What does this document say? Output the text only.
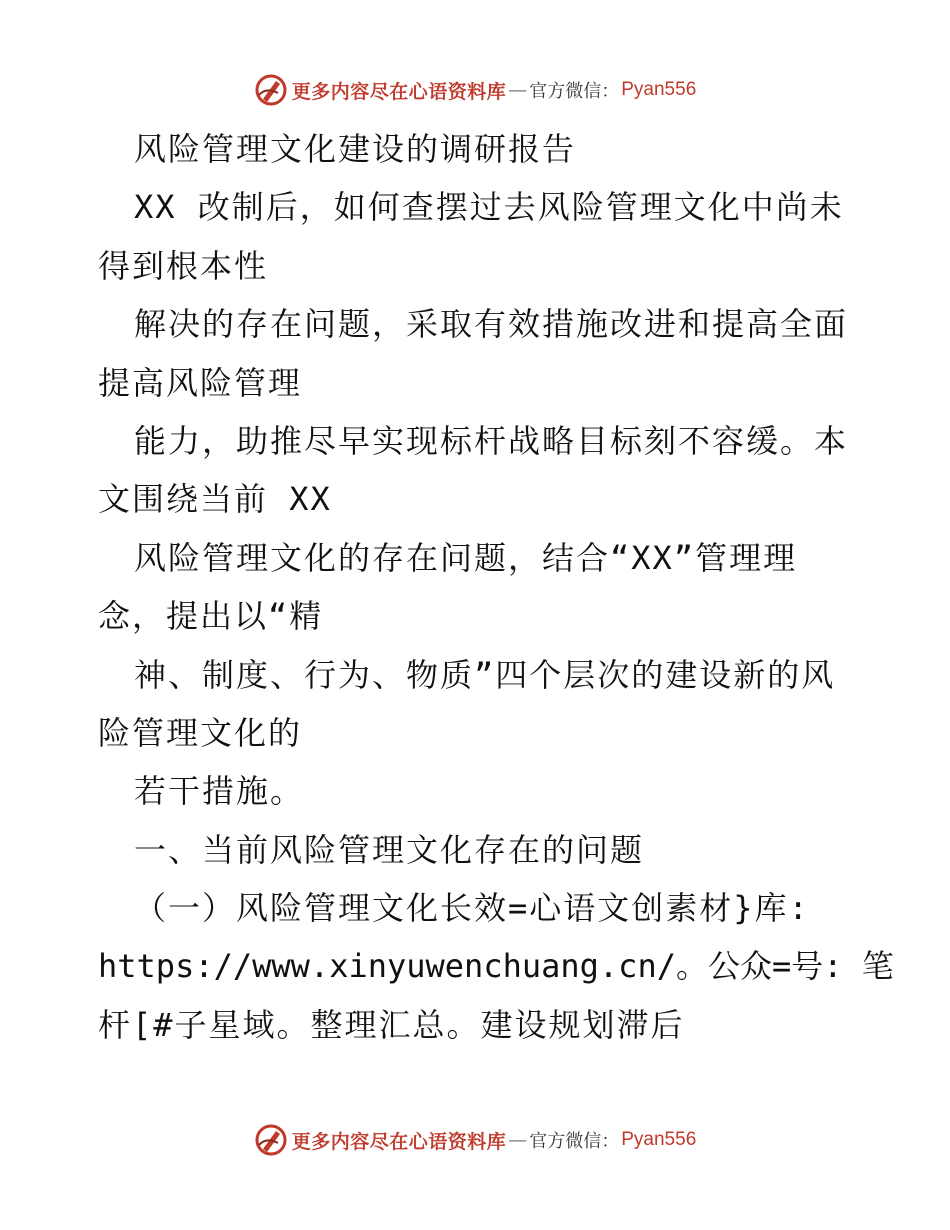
更多内容尽在心语资料库 — 官方微信： Pyan556
风险管理文化建设的调研报告
XX 改制后，如何查摆过去风险管理文化中尚未
得到根本性
解决的存在问题，采取有效措施改进和提高全面
提高风险管理
能力，助推尽早实现标杆战略目标刻不容缓。本
文围绕当前 XX
风险管理文化的存在问题，结合“XX”管理理
念，提出以“精
神、制度、行为、物质”四个层次的建设新的风
险管理文化的
若干措施。
一、当前风险管理文化存在的问题
（一）风险管理文化长效=心语文创素材}库:
https://www.xinyuwenchuang.cn/。公众=号: 笔
杆[#子星域。整理汇总。建设规划滞后
更多内容尽在心语资料库 — 官方微信： Pyan556
